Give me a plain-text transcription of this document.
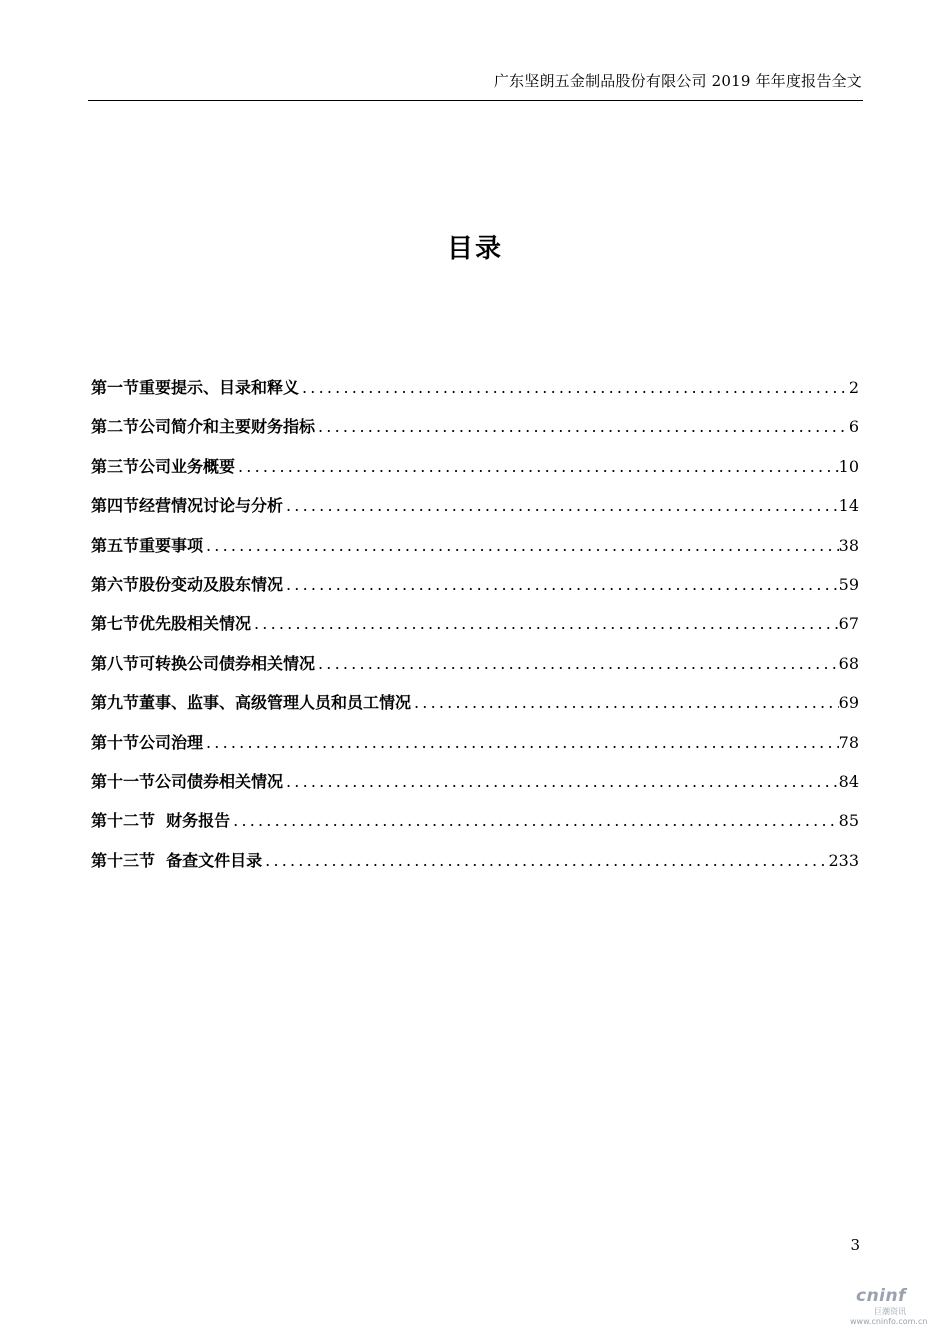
广东坚朗五金制品股份有限公司 2019 年年度报告全文
目录
第一节重要提示、目录和释义 .....	2
第二节公司简介和主要财务指标 .....	6
第三节公司业务概要 .....	10
第四节经营情况讨论与分析 .....	14
第五节重要事项 .....	38
第六节股份变动及股东情况 .....	59
第七节优先股相关情况 .....	67
第八节可转换公司债券相关情况 .....	68
第九节董事、监事、高级管理人员和员工情况 .....	69
第十节公司治理 .....	78
第十一节公司债券相关情况 .....	84
第十二节  财务报告 .....	85
第十三节  备查文件目录 .....	233
3
cninf
巨潮资讯
www.cninfo.com.cn
